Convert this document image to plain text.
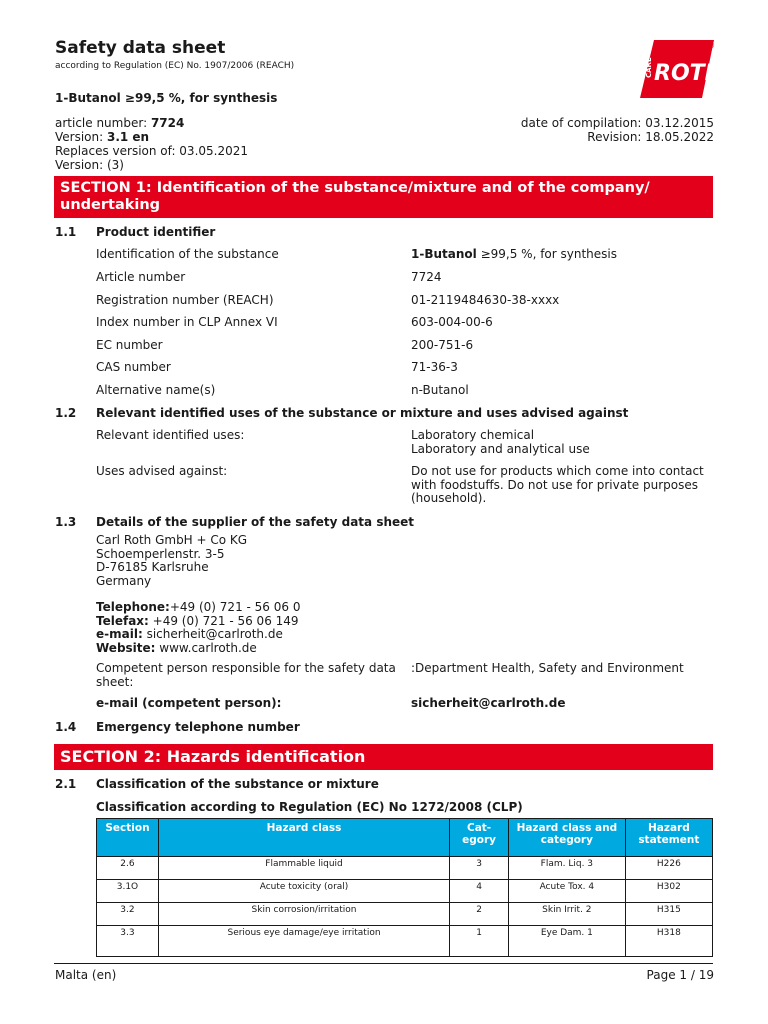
Safety data sheet
according to Regulation (EC) No. 1907/2006 (REACH)
®
CARL ROTH
1-Butanol ≥99,5 %, for synthesis
article number: 7724
Version: 3.1 en
Replaces version of: 03.05.2021
Version: (3)
date of compilation: 03.12.2015
Revision: 18.05.2022
SECTION 1: Identification of the substance/mixture and of the company/ undertaking
1.1 Product identifier
Identification of the substance	1-Butanol ≥99,5 %, for synthesis
Article number	7724
Registration number (REACH)	01-2119484630-38-xxxx
Index number in CLP Annex VI	603-004-00-6
EC number	200-751-6
CAS number	71-36-3
Alternative name(s)	n-Butanol
1.2 Relevant identified uses of the substance or mixture and uses advised against
Relevant identified uses:	Laboratory chemical
Laboratory and analytical use
Uses advised against:	Do not use for products which come into contact with foodstuffs. Do not use for private purposes (household).
1.3 Details of the supplier of the safety data sheet
Carl Roth GmbH + Co KG
Schoemperlenstr. 3-5
D-76185 Karlsruhe
Germany
Telephone:+49 (0) 721 - 56 06 0
Telefax: +49 (0) 721 - 56 06 149
e-mail: sicherheit@carlroth.de
Website: www.carlroth.de
Competent person responsible for the safety data sheet:
:Department Health, Safety and Environment
e-mail (competent person):	sicherheit@carlroth.de
1.4 Emergency telephone number
SECTION 2: Hazards identification
2.1 Classification of the substance or mixture
Classification according to Regulation (EC) No 1272/2008 (CLP)
Section	Hazard class	Cat-egory	Hazard class and category	Hazard statement
2.6	Flammable liquid	3	Flam. Liq. 3	H226
3.1O	Acute toxicity (oral)	4	Acute Tox. 4	H302
3.2	Skin corrosion/irritation	2	Skin Irrit. 2	H315
3.3	Serious eye damage/eye irritation	1	Eye Dam. 1	H318
Malta (en)	Page 1 / 19
